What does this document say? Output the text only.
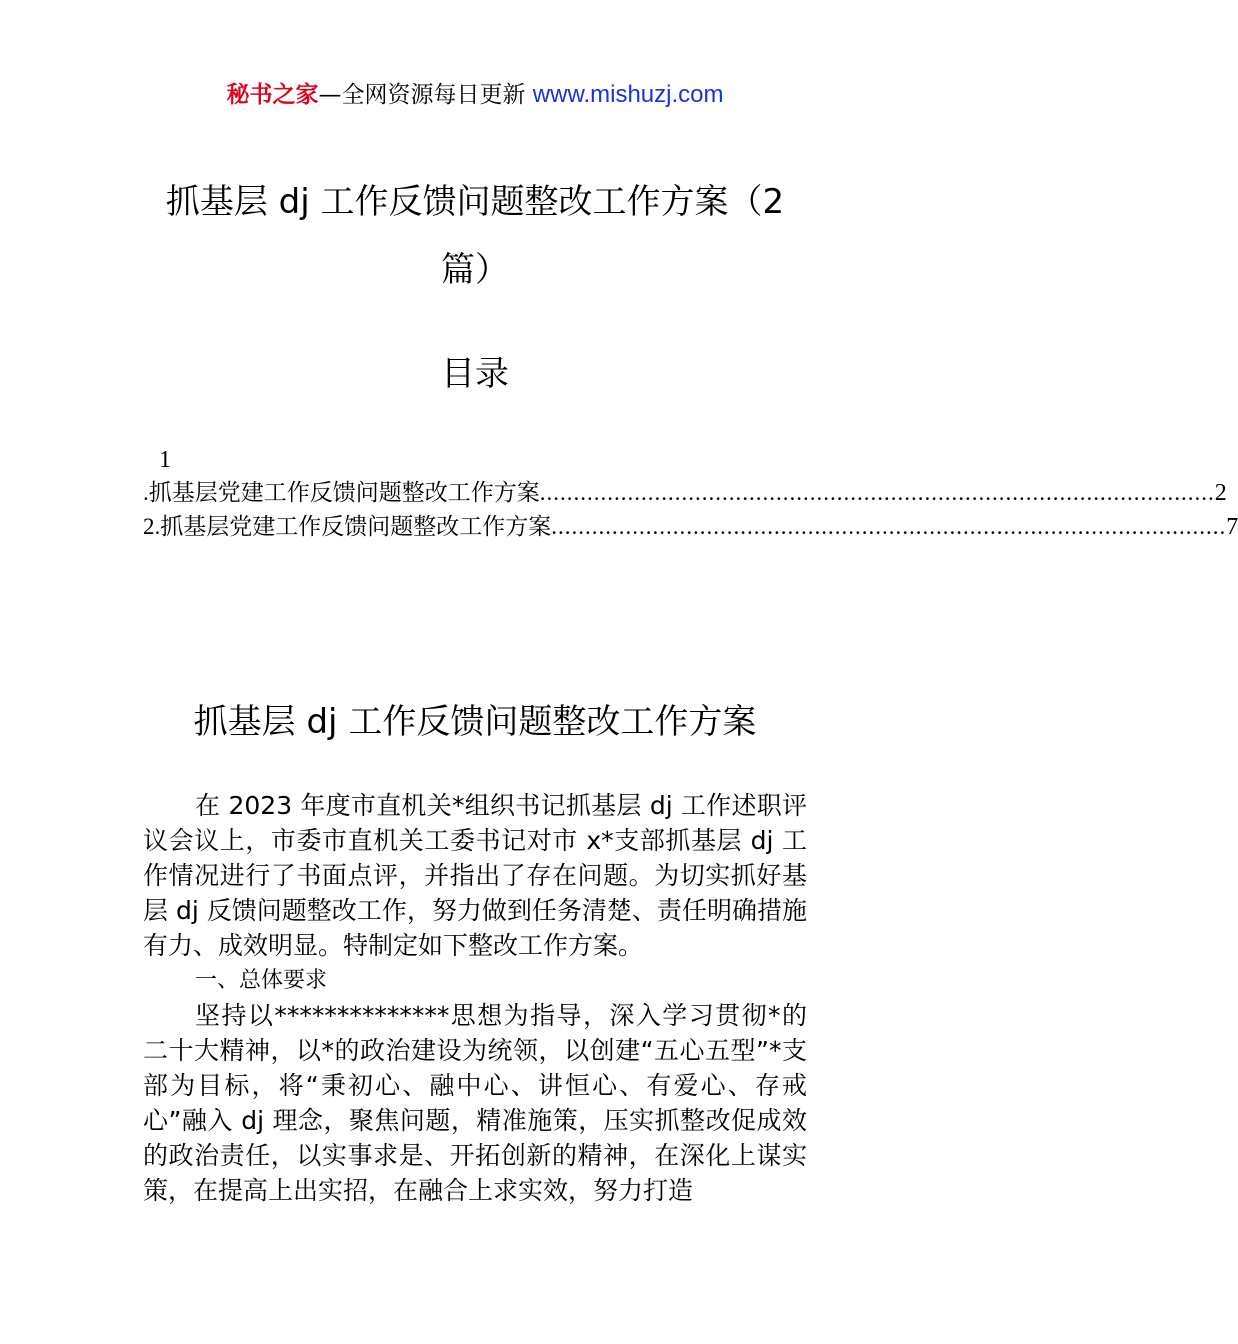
秘书之家—全网资源每日更新 www.mishuzj.com
抓基层 dj 工作反馈问题整改工作方案（2 篇）
目录
1
. 抓基层党建工作反馈问题整改工作方案 .................................................................................................... 2
2. 抓基层党建工作反馈问题整改工作方案 .................................................................................................... 7
抓基层 dj 工作反馈问题整改工作方案

在 2023 年度市直机关*组织书记抓基层 dj 工作述职评议会议上，市委市直机关工委书记对市 x*支部抓基层 dj 工作情况进行了书面点评，并指出了存在问题。为切实抓好基层 dj 反馈问题整改工作，努力做到任务清楚、责任明确措施有力、成效明显。特制定如下整改工作方案。

一、总体要求

坚持以**************思想为指导，深入学习贯彻*的二十大精神，以*的政治建设为统领，以创建“五心五型”*支部为目标，将“秉初心、融中心、讲恒心、有爱心、存戒心”融入 dj 理念，聚焦问题，精准施策，压实抓整改促成效的政治责任，以实事求是、开拓创新的精神，在深化上谋实策，在提高上出实招，在融合上求实效，努力打造
